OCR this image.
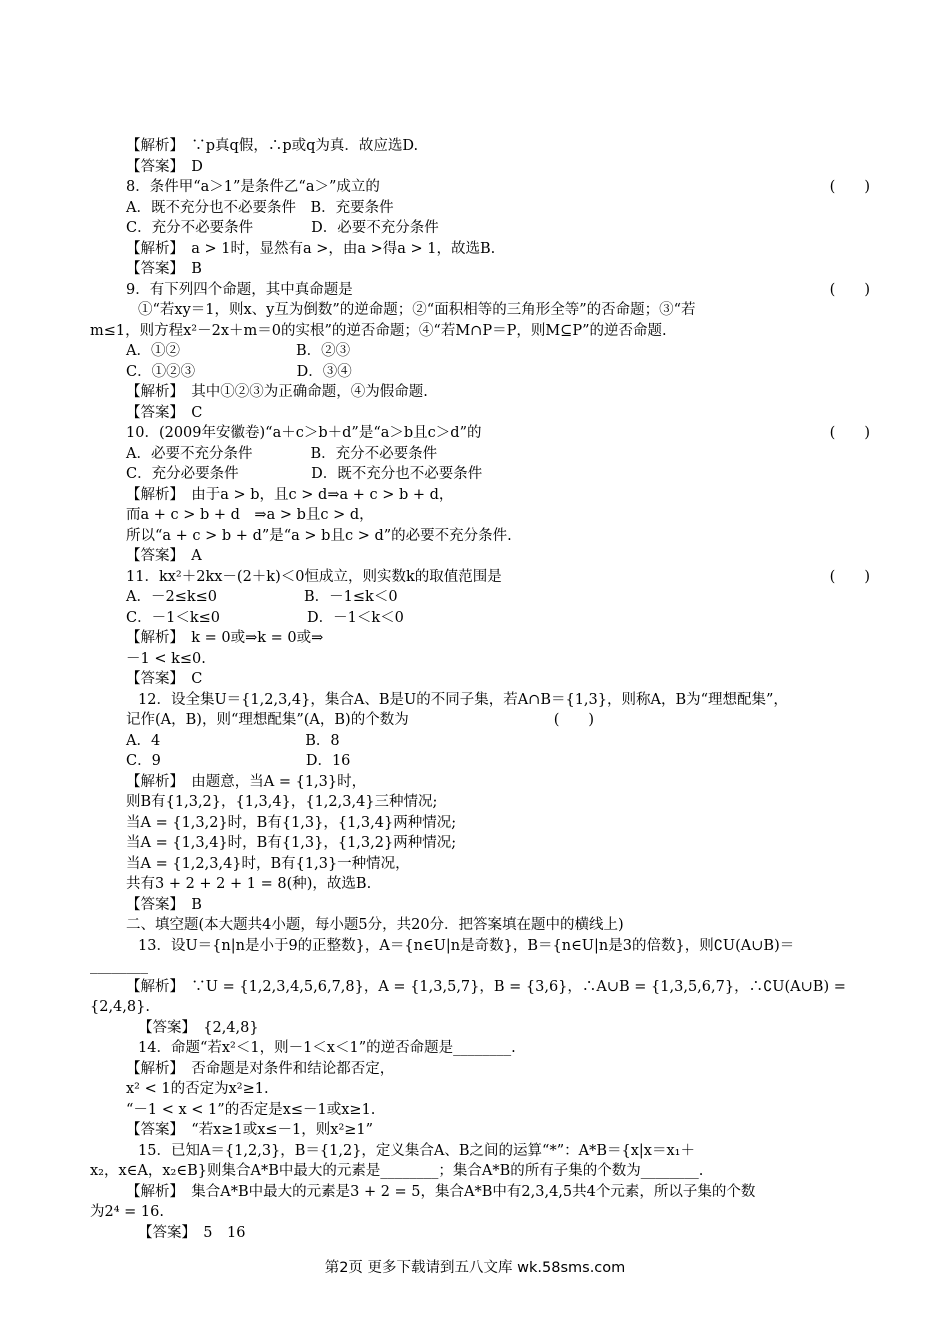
【解析】　∵p真q假，∴p或q为真．故应选D.
【答案】　D
8．条件甲“a＞1”是条件乙“a＞”成立的	(　　)
A．既不充分也不必要条件　B．充要条件
C．充分不必要条件　　　　D．必要不充分条件
【解析】　a > 1时，显然有a >，由a >得a > 1，故选B.
【答案】　B
9．有下列四个命题，其中真命题是	(　　)
①“若xy＝1，则x、y互为倒数”的逆命题；②“面积相等的三角形全等”的否命题；③“若
m≤1，则方程x²－2x＋m＝0的实根”的逆否命题；④“若M∩P＝P，则M⊆P”的逆否命题.
A．①②　　　　　　　　B．②③
C．①②③　　　　　　　D．③④
【解析】　其中①②③为正确命题，④为假命题.
【答案】　C
10．(2009年安徽卷)“a＋c＞b＋d”是“a＞b且c＞d”的	(　　)
A．必要不充分条件　　　　B．充分不必要条件
C．充分必要条件　　　　　D．既不充分也不必要条件
【解析】　由于a > b，且c > d⇒a + c > b + d，
而a + c > b + d　⇒a > b且c > d，
所以“a + c > b + d”是“a > b且c > d”的必要不充分条件.
【答案】　A
11．kx²＋2kx－(2＋k)＜0恒成立，则实数k的取值范围是	(　　)
A．－2≤k≤0　　　　　　B．－1≤k＜0
C．－1＜k≤0　　　　　　D．－1＜k＜0
【解析】　k = 0或⇒k = 0或⇒
－1 < k≤0.
【答案】　C
12．设全集U＝{1,2,3,4}，集合A、B是U的不同子集，若A∩B＝{1,3}，则称A，B为“理想配集”，
记作(A，B)，则“理想配集”(A，B)的个数为　　　　　　　　　　(　　)
A．4　　　　　　　　　　B．8
C．9　　　　　　　　　　D．16
【解析】　由题意，当A = {1,3}时，
则B有{1,3,2}，{1,3,4}，{1,2,3,4}三种情况;
当A = {1,3,2}时，B有{1,3}，{1,3,4}两种情况;
当A = {1,3,4}时，B有{1,3}，{1,3,2}两种情况;
当A = {1,2,3,4}时，B有{1,3}一种情况，
共有3 + 2 + 2 + 1 = 8(种)，故选B.
【答案】　B
二、填空题(本大题共4小题，每小题5分，共20分．把答案填在题中的横线上)
13．设U＝{n|n是小于9的正整数}，A＝{n∈U|n是奇数}，B＝{n∈U|n是3的倍数}，则∁U(A∪B)＝
________
【解析】　∵U = {1,2,3,4,5,6,7,8}，A = {1,3,5,7}，B = {3,6}，∴A∪B = {1,3,5,6,7}，∴∁U(A∪B) =
{2,4,8}.
【答案】　{2,4,8}
14．命题“若x²＜1，则－1＜x＜1”的逆否命题是________.
【解析】　否命题是对条件和结论都否定，
x² < 1的否定为x²≥1.
“－1 < x < 1”的否定是x≤－1或x≥1.
【答案】　“若x≥1或x≤－1，则x²≥1”
15．已知A＝{1,2,3}，B＝{1,2}，定义集合A、B之间的运算“*”：A*B＝{x|x＝x₁＋
x₂，x∈A，x₂∈B}则集合A*B中最大的元素是________；集合A*B的所有子集的个数为________.
【解析】　集合A*B中最大的元素是3 + 2 = 5，集合A*B中有2,3,4,5共4个元素，所以子集的个数
为2⁴ = 16.
【答案】　5　16
第2页 更多下载请到五八文库 wk.58sms.com
